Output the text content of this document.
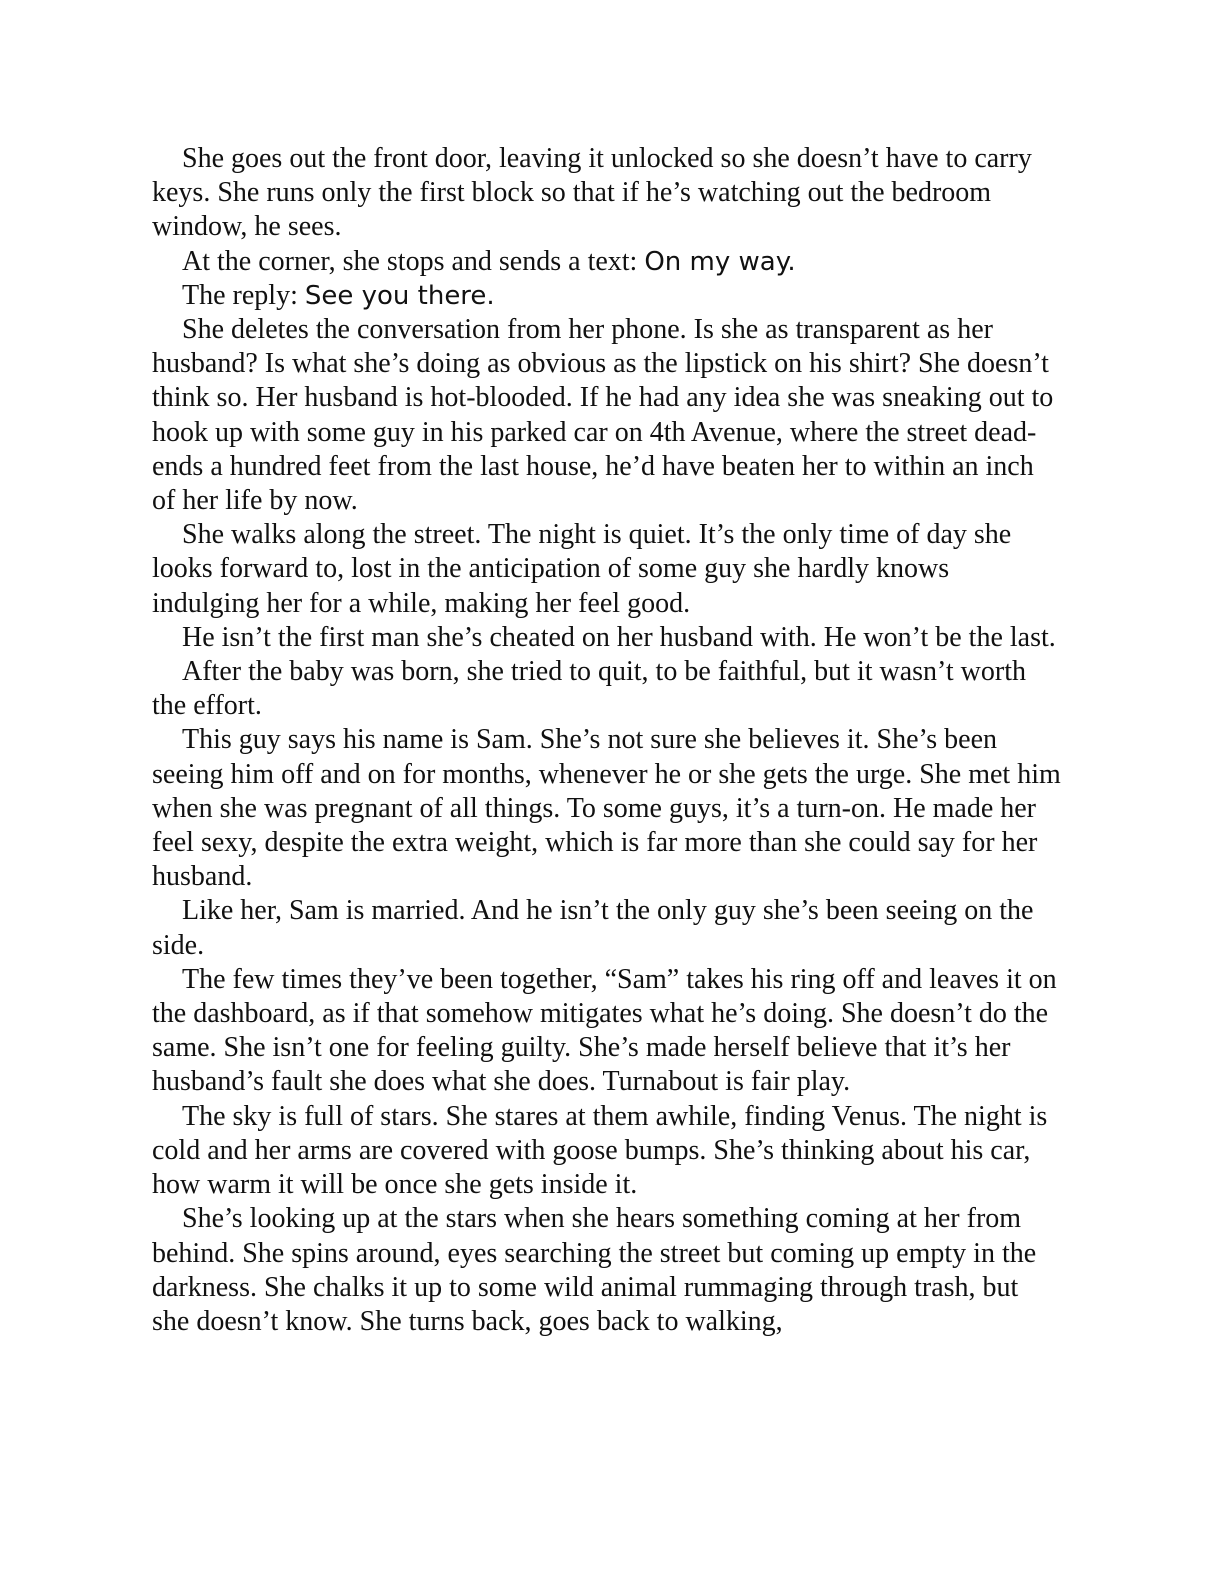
She goes out the front door, leaving it unlocked so she doesn’t have to carry keys. She runs only the first block so that if he’s watching out the bedroom window, he sees.

At the corner, she stops and sends a text: On my way.

The reply: See you there.

She deletes the conversation from her phone. Is she as transparent as her husband? Is what she’s doing as obvious as the lipstick on his shirt? She doesn’t think so. Her husband is hot-blooded. If he had any idea she was sneaking out to hook up with some guy in his parked car on 4th Avenue, where the street dead-ends a hundred feet from the last house, he’d have beaten her to within an inch of her life by now.

She walks along the street. The night is quiet. It’s the only time of day she looks forward to, lost in the anticipation of some guy she hardly knows indulging her for a while, making her feel good.

He isn’t the first man she’s cheated on her husband with. He won’t be the last.

After the baby was born, she tried to quit, to be faithful, but it wasn’t worth the effort.

This guy says his name is Sam. She’s not sure she believes it. She’s been seeing him off and on for months, whenever he or she gets the urge. She met him when she was pregnant of all things. To some guys, it’s a turn-on. He made her feel sexy, despite the extra weight, which is far more than she could say for her husband.

Like her, Sam is married. And he isn’t the only guy she’s been seeing on the side.

The few times they’ve been together, “Sam” takes his ring off and leaves it on the dashboard, as if that somehow mitigates what he’s doing. She doesn’t do the same. She isn’t one for feeling guilty. She’s made herself believe that it’s her husband’s fault she does what she does. Turnabout is fair play.

The sky is full of stars. She stares at them awhile, finding Venus. The night is cold and her arms are covered with goose bumps. She’s thinking about his car, how warm it will be once she gets inside it.

She’s looking up at the stars when she hears something coming at her from behind. She spins around, eyes searching the street but coming up empty in the darkness. She chalks it up to some wild animal rummaging through trash, but she doesn’t know. She turns back, goes back to walking,
